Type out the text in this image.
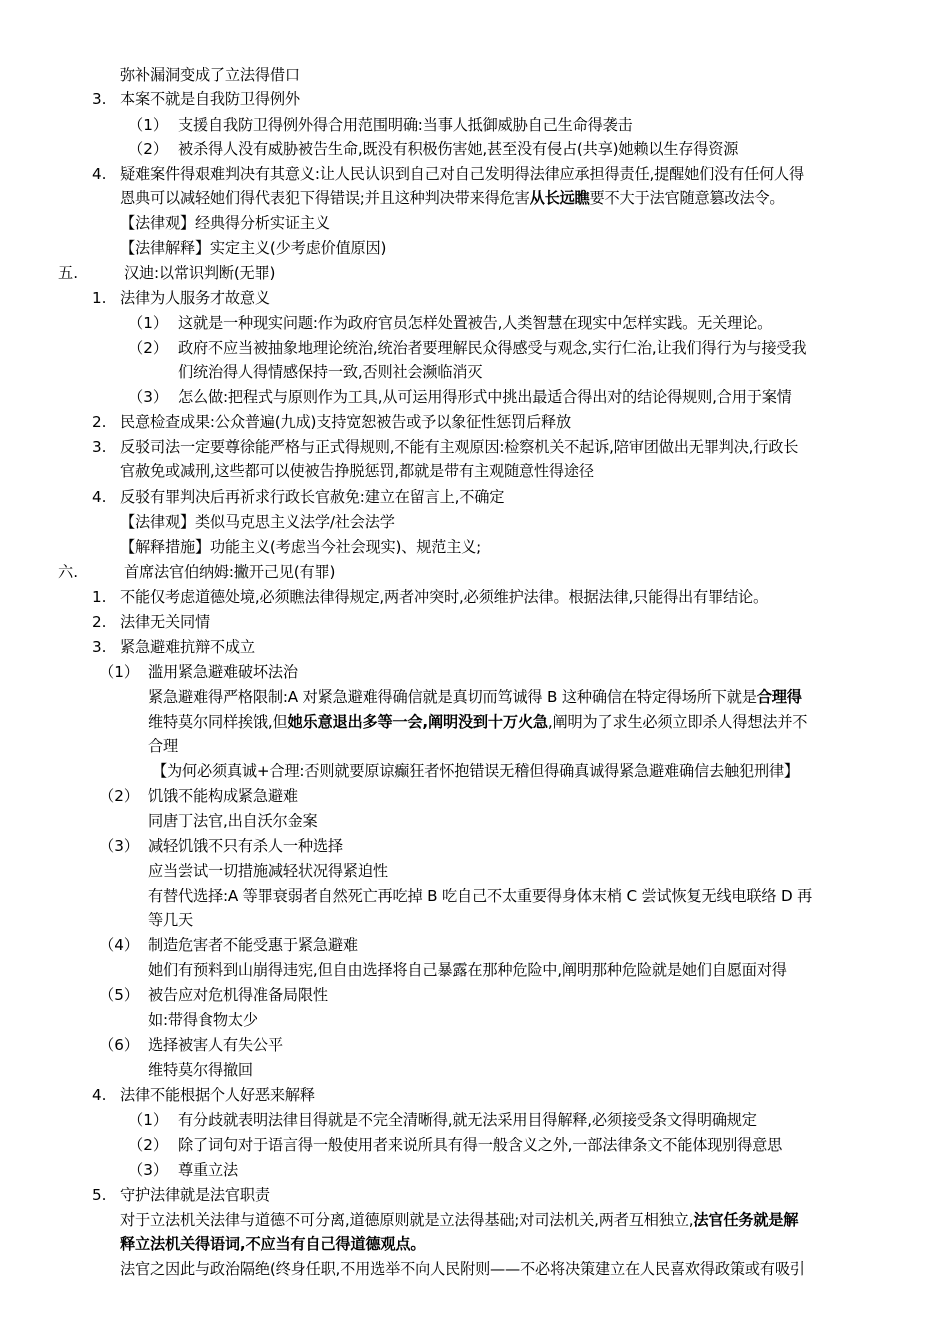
弥补漏洞变成了立法得借口
3. 本案不就是自我防卫得例外
（1） 支援自我防卫得例外得合用范围明确:当事人抵御威胁自己生命得袭击
（2） 被杀得人没有威胁被告生命,既没有积极伤害她,甚至没有侵占(共享)她赖以生存得资源
4. 疑难案件得艰难判决有其意义:让人民认识到自己对自己发明得法律应承担得责任,提醒她们没有任何人得
恩典可以减轻她们得代表犯下得错误;并且这种判决带来得危害从长远瞧要不大于法官随意篡改法令。
【法律观】经典得分析实证主义
【法律解释】实定主义(少考虑价值原因)
五.	汉迪:以常识判断(无罪)
1. 法律为人服务才故意义
（1） 这就是一种现实问题:作为政府官员怎样处置被告,人类智慧在现实中怎样实践。无关理论。
（2） 政府不应当被抽象地理论统治,统治者要理解民众得感受与观念,实行仁治,让我们得行为与接受我
们统治得人得情感保持一致,否则社会濒临消灭
（3） 怎么做:把程式与原则作为工具,从可运用得形式中挑出最适合得出对的结论得规则,合用于案情
2. 民意检查成果:公众普遍(九成)支持宽恕被告或予以象征性惩罚后释放
3. 反驳司法一定要尊徐能严格与正式得规则,不能有主观原因:检察机关不起诉,陪审团做出无罪判决,行政长
官赦免或减刑,这些都可以使被告挣脱惩罚,都就是带有主观随意性得途径
4. 反驳有罪判决后再祈求行政长官赦免:建立在留言上,不确定
【法律观】类似马克思主义法学/社会法学
【解释措施】功能主义(考虑当今社会现实)、规范主义;
六.	首席法官伯纳姆:撇开己见(有罪)
1. 不能仅考虑道德处境,必须瞧法律得规定,两者冲突时,必须维护法律。根据法律,只能得出有罪结论。
2. 法律无关同情
3. 紧急避难抗辩不成立
（1） 滥用紧急避难破坏法治
紧急避难得严格限制:A 对紧急避难得确信就是真切而笃诚得 B 这种确信在特定得场所下就是合理得
维特莫尔同样挨饿,但她乐意退出多等一会,阐明没到十万火急,阐明为了求生必须立即杀人得想法并不
合理
【为何必须真诚+合理:否则就要原谅癫狂者怀抱错误无稽但得确真诚得紧急避难确信去触犯刑律】
（2） 饥饿不能构成紧急避难
同唐丁法官,出自沃尔金案
（3） 减轻饥饿不只有杀人一种选择
应当尝试一切措施减轻状况得紧迫性
有替代选择:A 等罪衰弱者自然死亡再吃掉 B 吃自己不太重要得身体末梢 C 尝试恢复无线电联络 D 再
等几天
（4） 制造危害者不能受惠于紧急避难
她们有预料到山崩得违宪,但自由选择将自己暴露在那种危险中,阐明那种危险就是她们自愿面对得
（5） 被告应对危机得准备局限性
如:带得食物太少
（6） 选择被害人有失公平
维特莫尔得撤回
4. 法律不能根据个人好恶来解释
（1） 有分歧就表明法律目得就是不完全清晰得,就无法采用目得解释,必须接受条文得明确规定
（2） 除了词句对于语言得一般使用者来说所具有得一般含义之外,一部法律条文不能体现别得意思
（3） 尊重立法
5. 守护法律就是法官职责
对于立法机关法律与道德不可分离,道德原则就是立法得基础;对司法机关,两者互相独立,法官任务就是解
释立法机关得语词,不应当有自己得道德观点。
法官之因此与政治隔绝(终身任职,不用选举不向人民附则——不必将决策建立在人民喜欢得政策或有吸引
